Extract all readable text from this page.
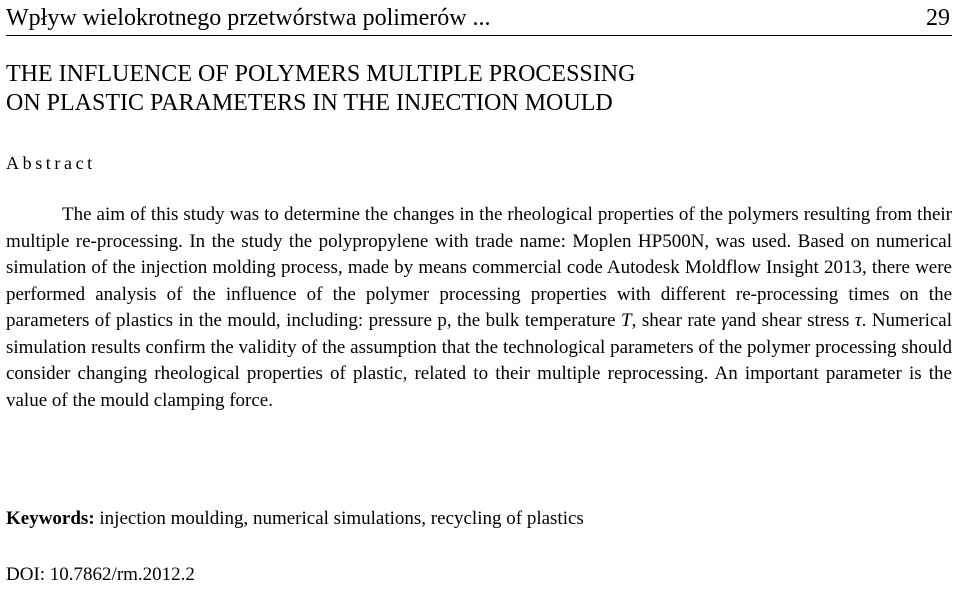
Wpływ wielokrotnego przetwórstwa polimerów ...	29
THE INFLUENCE OF POLYMERS MULTIPLE PROCESSING
ON PLASTIC PARAMETERS IN THE INJECTION MOULD
Abstract

The aim of this study was to determine the changes in the rheological properties of the polymers resulting from their multiple re-processing. In the study the polypropylene with trade name: Moplen HP500N, was used. Based on numerical simulation of the injection molding process, made by means commercial code Autodesk Moldflow Insight 2013, there were performed analysis of the influence of the polymer processing properties with different re-processing times on the parameters of plastics in the mould, including: pressure p, the bulk temperature T, shear rate γand shear stress τ. Numerical simulation results confirm the validity of the assumption that the technological parameters of the polymer processing should consider changing rheological properties of plastic, related to their multiple reprocessing. An important parameter is the value of the mould clamping force.

Keywords: injection moulding, numerical simulations, recycling of plastics
DOI: 10.7862/rm.2012.2
